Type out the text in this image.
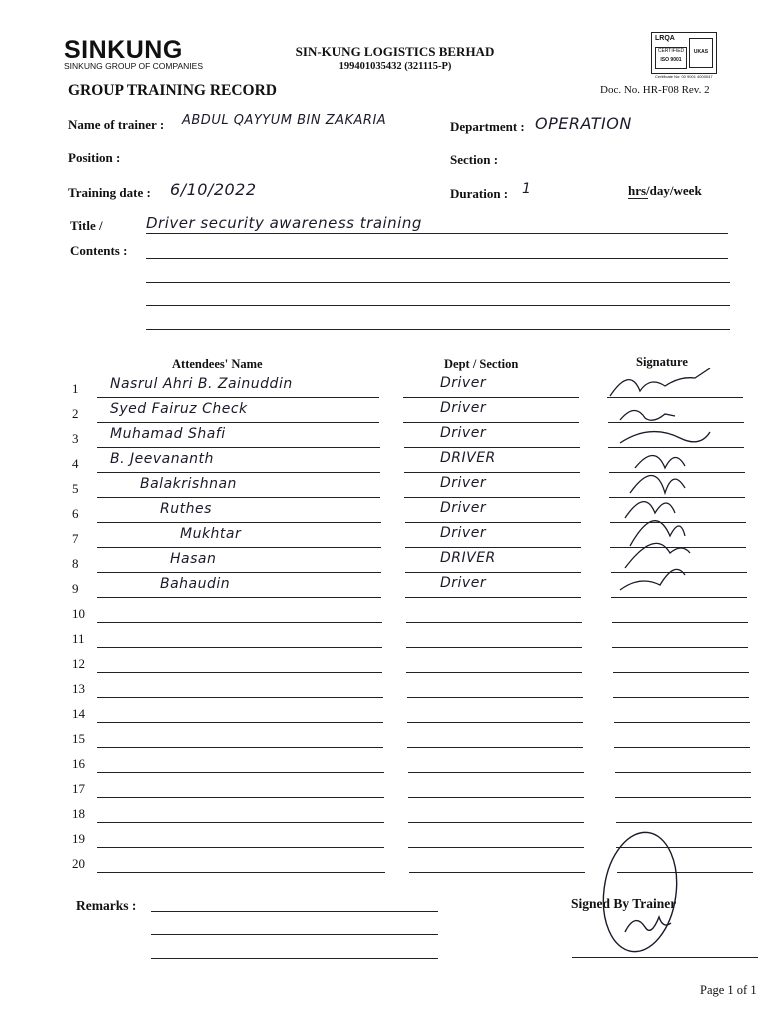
SINKUNG
SINKUNG GROUP OF COMPANIES
SIN-KUNG LOGISTICS BERHAD
199401035432 (321115-P)
LRQA
CERTIFIED
ISO 9001
UKAS
Certificate No: 00 9001 4000047
GROUP TRAINING RECORD	Doc. No. HR-F08 Rev. 2
Name of trainer : ABDUL QAYYUM BIN ZAKARIA	Department : OPERATION
Position :	Section :
Training date : 6/10/2022	Duration : 1	hrs/day/week
Title /
Contents :
Driver security awareness training
Attendees' Name	Dept / Section	Signature
1	Nasrul Ahri B. Zainuddin	Driver
2	Syed Fairuz Check	Driver
3	Muhamad Shafi	Driver
4	B. Jeevananth	DRIVER
5	Balakrishnan	Driver
6	Ruthes	Driver
7	Mukhtar	Driver
8	Hasan	DRIVER
9	Bahaudin	Driver
10
11
12
13
14
15
16
17
18
19
20
Remarks :	Signed By Trainer
Page 1 of 1
